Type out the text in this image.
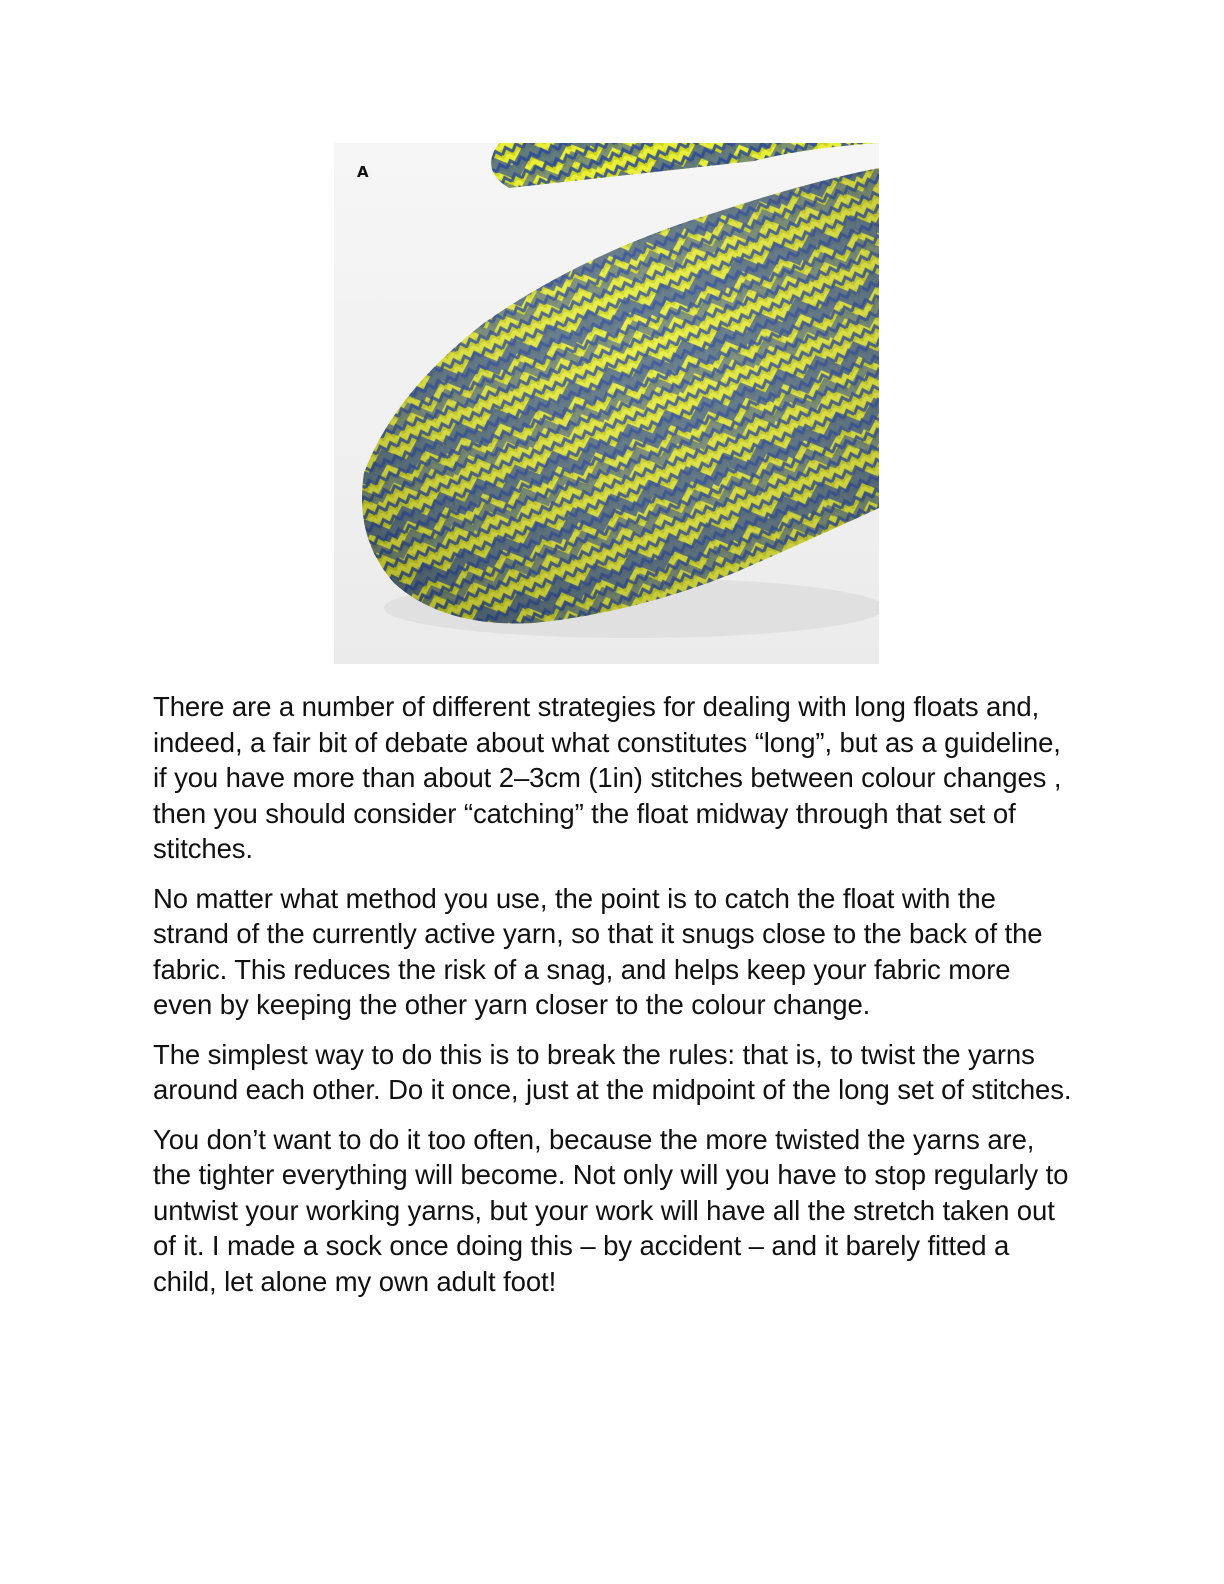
A

There are a number of different strategies for dealing with long floats and, indeed, a fair bit of debate about what constitutes “long”, but as a guideline, if you have more than about 2–3cm (1in) stitches between colour changes , then you should consider “catching” the float midway through that set of stitches.

No matter what method you use, the point is to catch the float with the strand of the currently active yarn, so that it snugs close to the back of the fabric. This reduces the risk of a snag, and helps keep your fabric more even by keeping the other yarn closer to the colour change.

The simplest way to do this is to break the rules: that is, to twist the yarns around each other. Do it once, just at the midpoint of the long set of stitches.

You don’t want to do it too often, because the more twisted the yarns are, the tighter everything will become. Not only will you have to stop regularly to untwist your working yarns, but your work will have all the stretch taken out of it. I made a sock once doing this – by accident – and it barely fitted a child, let alone my own adult foot!
